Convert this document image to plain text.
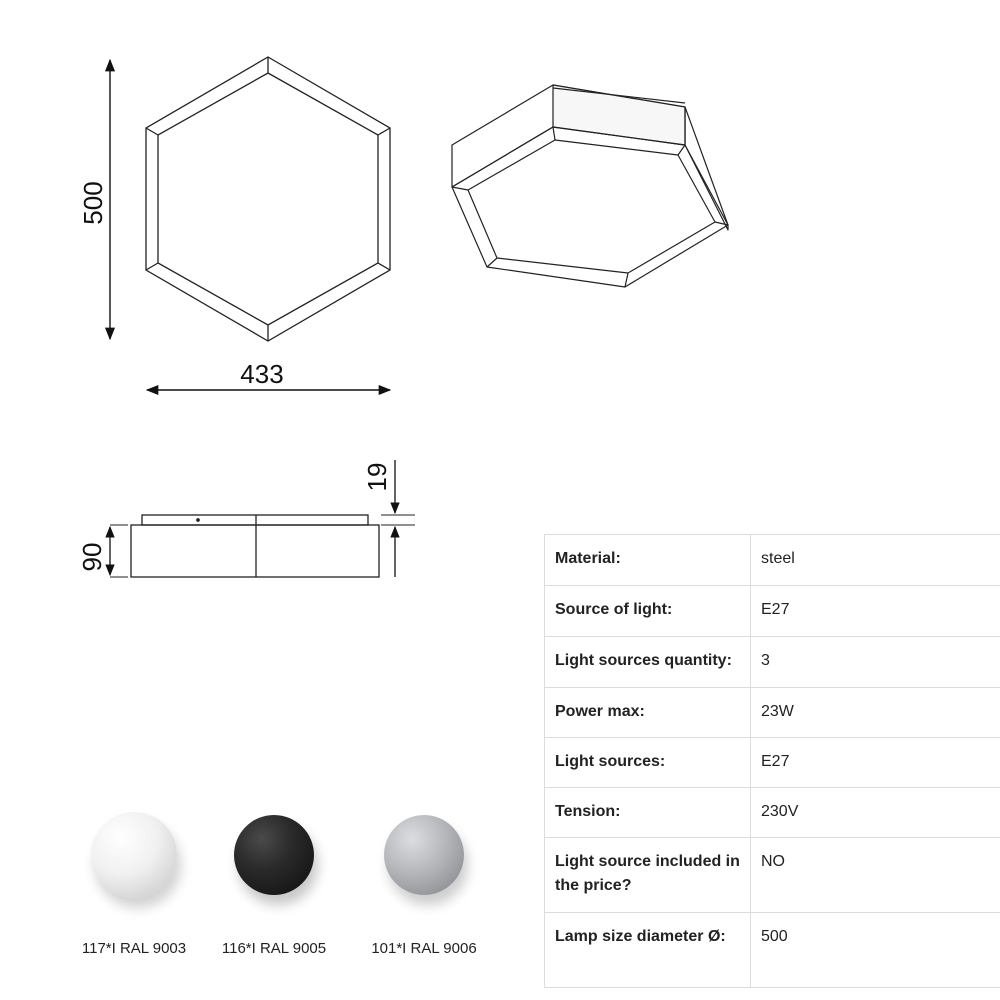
500
433
19
90	Material:	steel
Source of light:	E27
Light sources quantity:	3
Power max:	23W
Light sources:	E27
Tension:	230V
Light source included in the price?	NO
Lamp size diameter Ø:	500
117*I RAL 9003	116*I RAL 9005	101*I RAL 9006
